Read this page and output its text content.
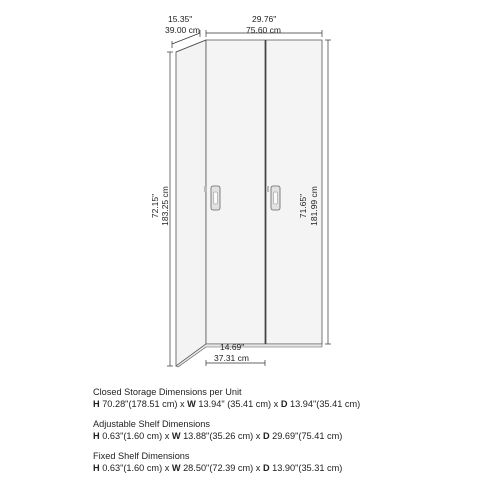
15.35"
39.00 cm
29.76"
75.60 cm
72.15" 183.25 cm	71.65" 181.99 cm
14.69"
37.31 cm
Closed Storage Dimensions per Unit
H 70.28"(178.51 cm) x W 13.94" (35.41 cm) x D 13.94"(35.41 cm)
Adjustable Shelf Dimensions
H 0.63"(1.60 cm) x W 13.88"(35.26 cm) x D 29.69"(75.41 cm)
Fixed Shelf Dimensions
H 0.63"(1.60 cm) x W 28.50"(72.39 cm) x D 13.90"(35.31 cm)
